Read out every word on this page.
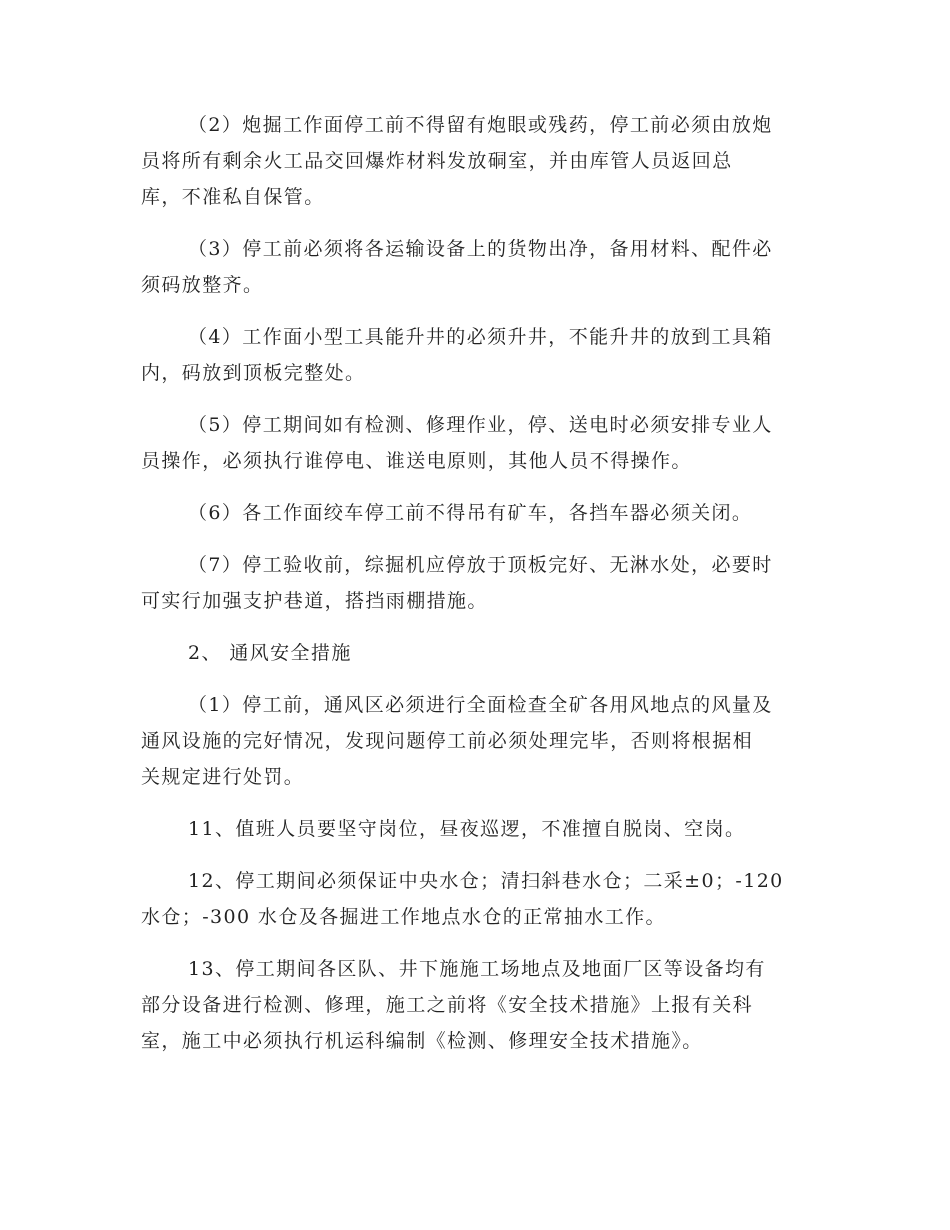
（2）炮掘工作面停工前不得留有炮眼或残药，停工前必须由放炮
员将所有剩余火工品交回爆炸材料发放硐室，并由库管人员返回总
库，不准私自保管。

（3）停工前必须将各运输设备上的货物出净，备用材料、配件必
须码放整齐。

（4）工作面小型工具能升井的必须升井，不能升井的放到工具箱
内，码放到顶板完整处。

（5）停工期间如有检测、修理作业，停、送电时必须安排专业人
员操作，必须执行谁停电、谁送电原则，其他人员不得操作。

（6）各工作面绞车停工前不得吊有矿车，各挡车器必须关闭。

（7）停工验收前，综掘机应停放于顶板完好、无淋水处，必要时
可实行加强支护巷道，搭挡雨棚措施。

2、 通风安全措施

（1）停工前，通风区必须进行全面检查全矿各用风地点的风量及
通风设施的完好情况，发现问题停工前必须处理完毕，否则将根据相
关规定进行处罚。

11、值班人员要坚守岗位，昼夜巡逻，不准擅自脱岗、空岗。

12、停工期间必须保证中央水仓；清扫斜巷水仓；二采±0；-120
水仓；-300 水仓及各掘进工作地点水仓的正常抽水工作。

13、停工期间各区队、井下施施工场地点及地面厂区等设备均有
部分设备进行检测、修理，施工之前将《安全技术措施》上报有关科
室，施工中必须执行机运科编制《检测、修理安全技术措施》。
